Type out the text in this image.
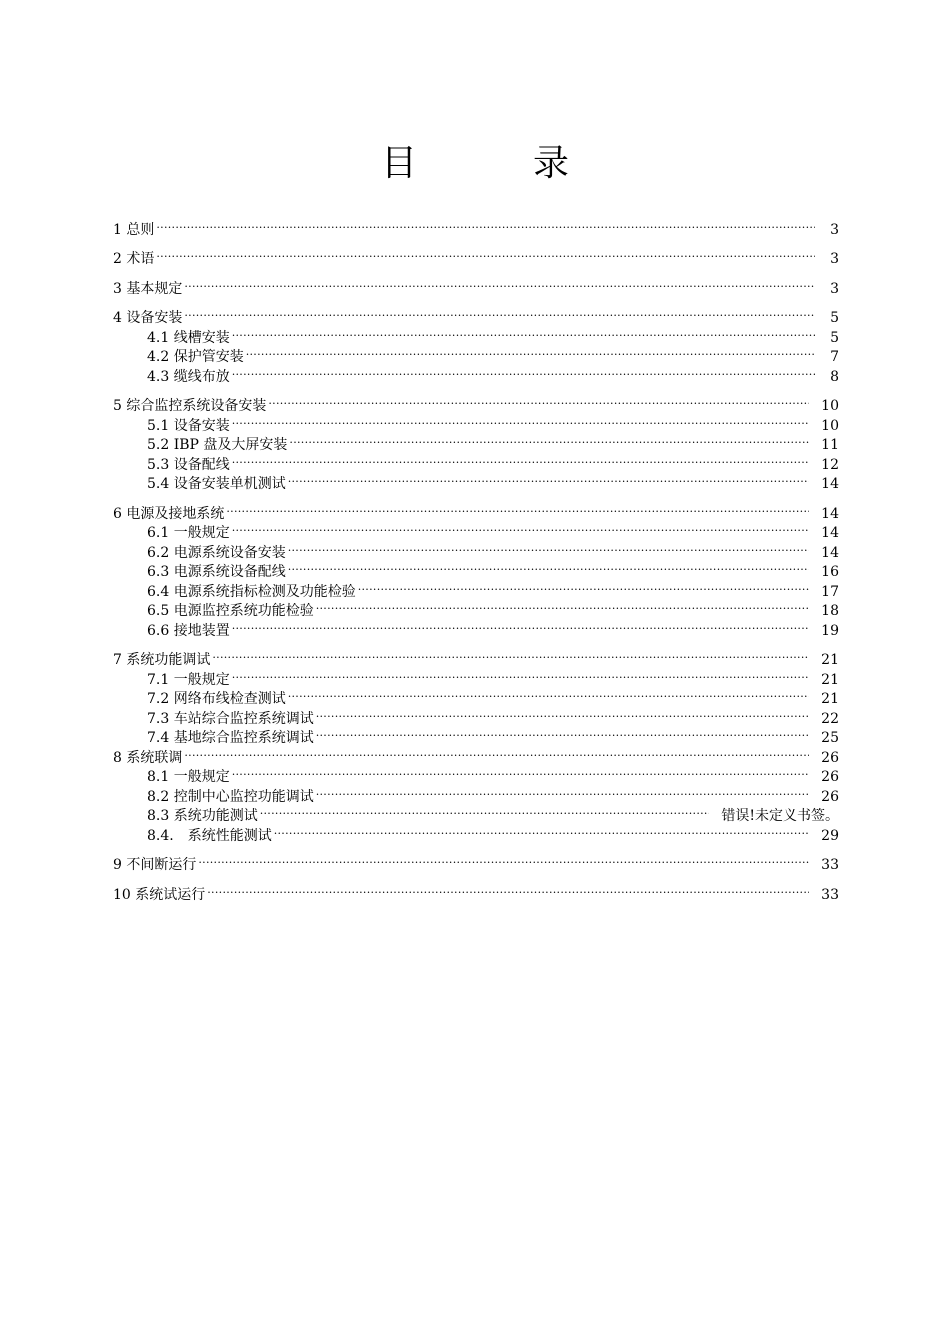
目　录
1 总则 .....	3
2 术语 .....	3
3 基本规定 .....	3
4 设备安装 .....	5
4.1 线槽安装 .....	5
4.2 保护管安装 .....	7
4.3 缆线布放 .....	8
5 综合监控系统设备安装 .....	10
5.1 设备安装 .....	10
5.2 IBP 盘及大屏安装 .....	11
5.3 设备配线 .....	12
5.4 设备安装单机测试 .....	14
6 电源及接地系统 .....	14
6.1 一般规定 .....	14
6.2 电源系统设备安装 .....	14
6.3 电源系统设备配线 .....	16
6.4 电源系统指标检测及功能检验 .....	17
6.5 电源监控系统功能检验 .....	18
6.6 接地装置 .....	19
7 系统功能调试 .....	21
7.1 一般规定 .....	21
7.2 网络布线检查测试 .....	21
7.3 车站综合监控系统调试 .....	22
7.4 基地综合监控系统调试 .....	25
8 系统联调 .....	26
8.1 一般规定 .....	26
8.2 控制中心监控功能调试 .....	26
8.3 系统功能测试 .....	错误!未定义书签。
8.4.　系统性能测试 .....	29
9 不间断运行 .....	33
10 系统试运行 .....	33
